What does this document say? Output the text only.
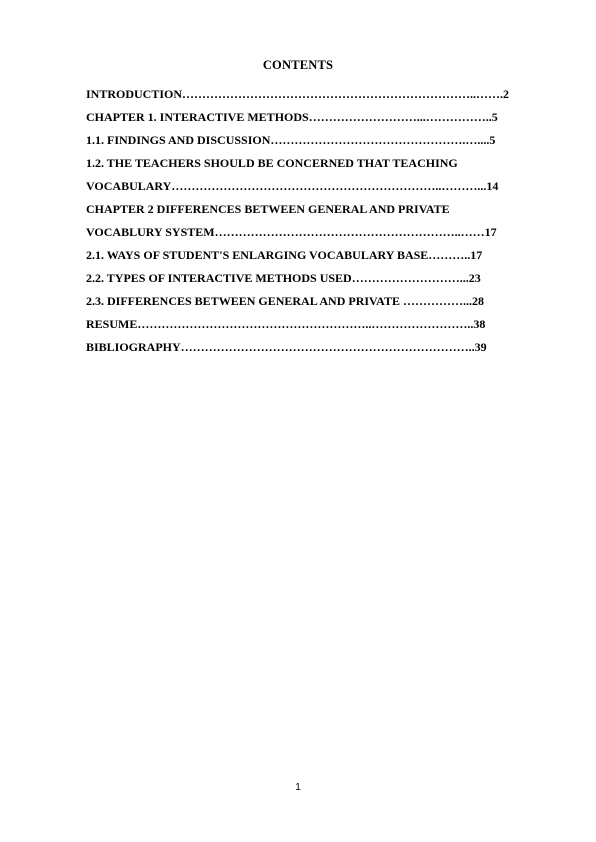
CONTENTS
INTRODUCTION………………………………………………………………..…….2
CHAPTER 1. INTERACTIVE METHODS………………………...……………..5
1.1. FINDINGS AND DISCUSSION………………………………………….…....5
1.2. THE TEACHERS SHOULD BE CONCERNED THAT TEACHING
VOCABULARY…………………………………………………………..………...14
CHAPTER 2 DIFFERENCES BETWEEN GENERAL AND PRIVATE
VOCABLURY SYSTEM……………………………………………………..……17
2.1. WAYS OF STUDENT'S ENLARGING VOCABULARY BASE………..17
2.2. TYPES OF INTERACTIVE METHODS USED………………………...23
2.3. DIFFERENCES BETWEEN GENERAL AND PRIVATE ……………...28
RESUME…………………………………………………..……………………..38
BIBLIOGRAPHY………………………………………………………………..39
1
